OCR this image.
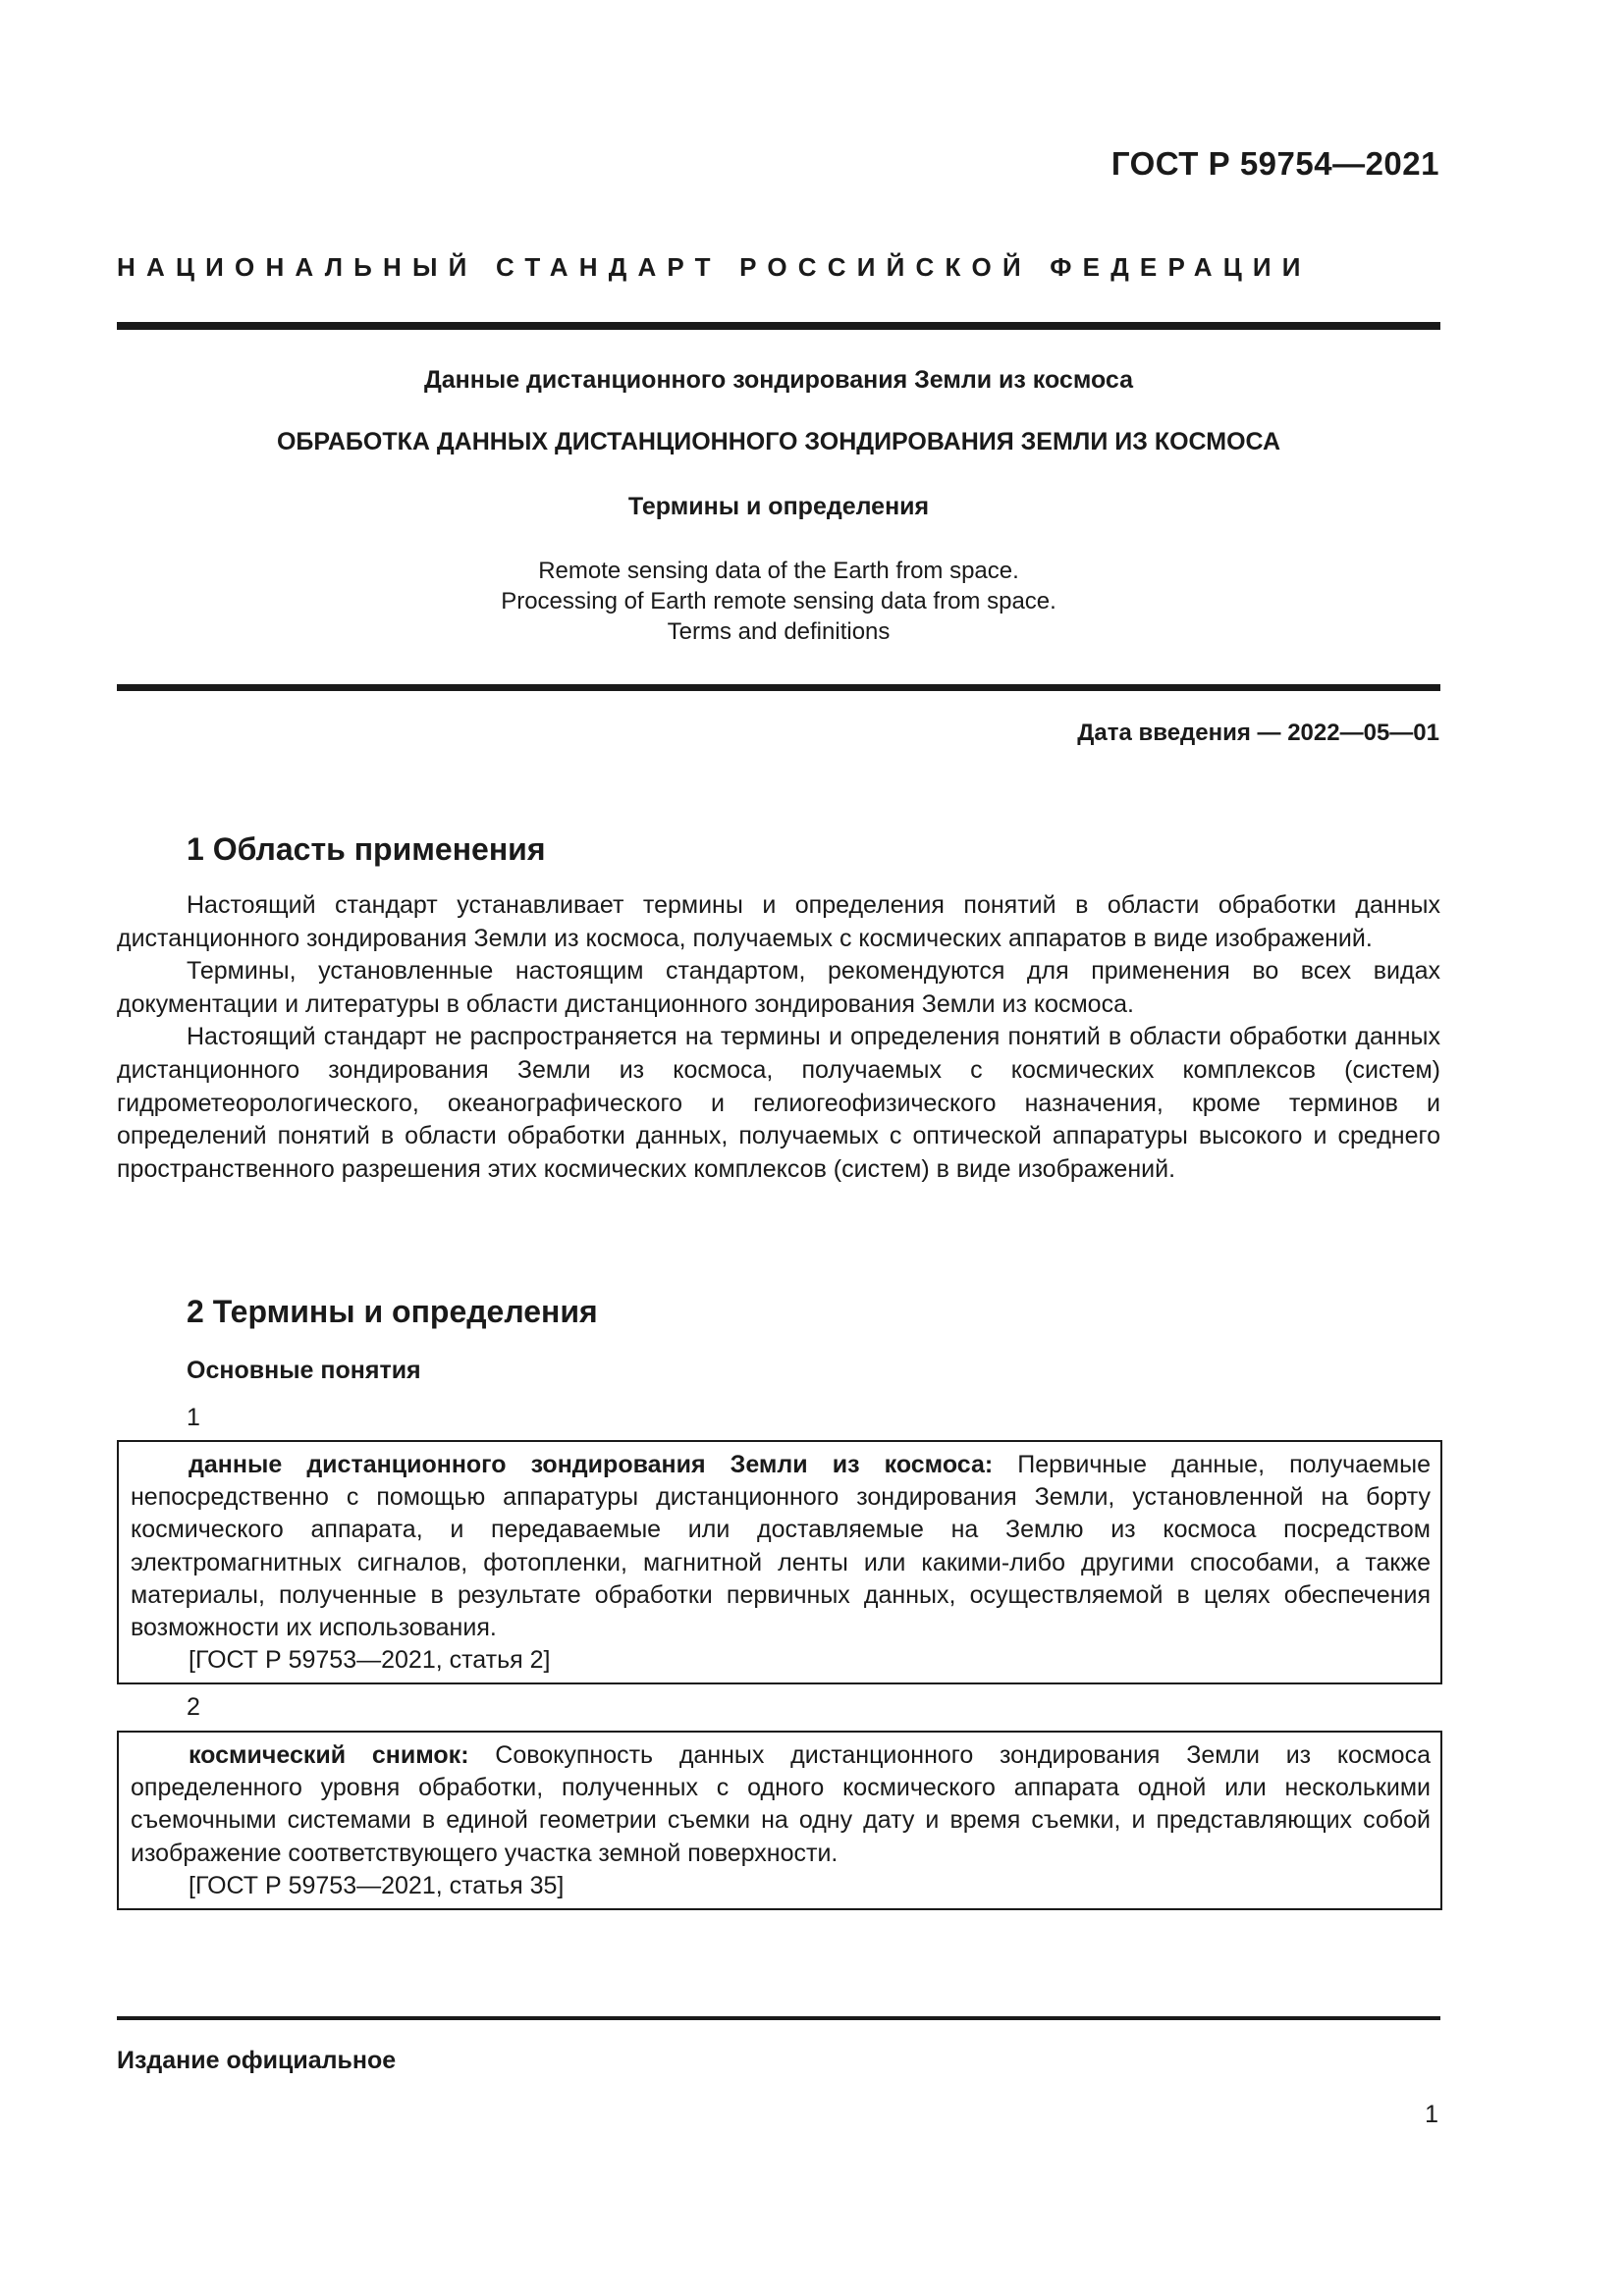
ГОСТ Р 59754—2021
НАЦИОНАЛЬНЫЙ СТАНДАРТ РОССИЙСКОЙ ФЕДЕРАЦИИ
Данные дистанционного зондирования Земли из космоса
ОБРАБОТКА ДАННЫХ ДИСТАНЦИОННОГО ЗОНДИРОВАНИЯ ЗЕМЛИ ИЗ КОСМОСА
Термины и определения
Remote sensing data of the Earth from space.
Processing of Earth remote sensing data from space.
Terms and definitions
Дата введения — 2022—05—01
1 Область применения

Настоящий стандарт устанавливает термины и определения понятий в области обработки данных дистанционного зондирования Земли из космоса, получаемых с космических аппаратов в виде изображений.

Термины, установленные настоящим стандартом, рекомендуются для применения во всех видах документации и литературы в области дистанционного зондирования Земли из космоса.

Настоящий стандарт не распространяется на термины и определения понятий в области обработки данных дистанционного зондирования Земли из космоса, получаемых с космических комплексов (систем) гидрометеорологического, океанографического и гелиогеофизического назначения, кроме терминов и определений понятий в области обработки данных, получаемых с оптической аппаратуры высокого и среднего пространственного разрешения этих космических комплексов (систем) в виде изображений.

2 Термины и определения
Основные понятия
1

данные дистанционного зондирования Земли из космоса: Первичные данные, получаемые непосредственно с помощью аппаратуры дистанционного зондирования Земли, установленной на борту космического аппарата, и передаваемые или доставляемые на Землю из космоса посредством электромагнитных сигналов, фотопленки, магнитной ленты или какими-либо другими способами, а также материалы, полученные в результате обработки первичных данных, осуществляемой в целях обеспечения возможности их использования.

[ГОСТ Р 59753—2021, статья 2]

2

космический снимок: Совокупность данных дистанционного зондирования Земли из космоса определенного уровня обработки, полученных с одного космического аппарата одной или несколькими съемочными системами в единой геометрии съемки на одну дату и время съемки, и представляющих собой изображение соответствующего участка земной поверхности.

[ГОСТ Р 59753—2021, статья 35]

Издание официальное
1
